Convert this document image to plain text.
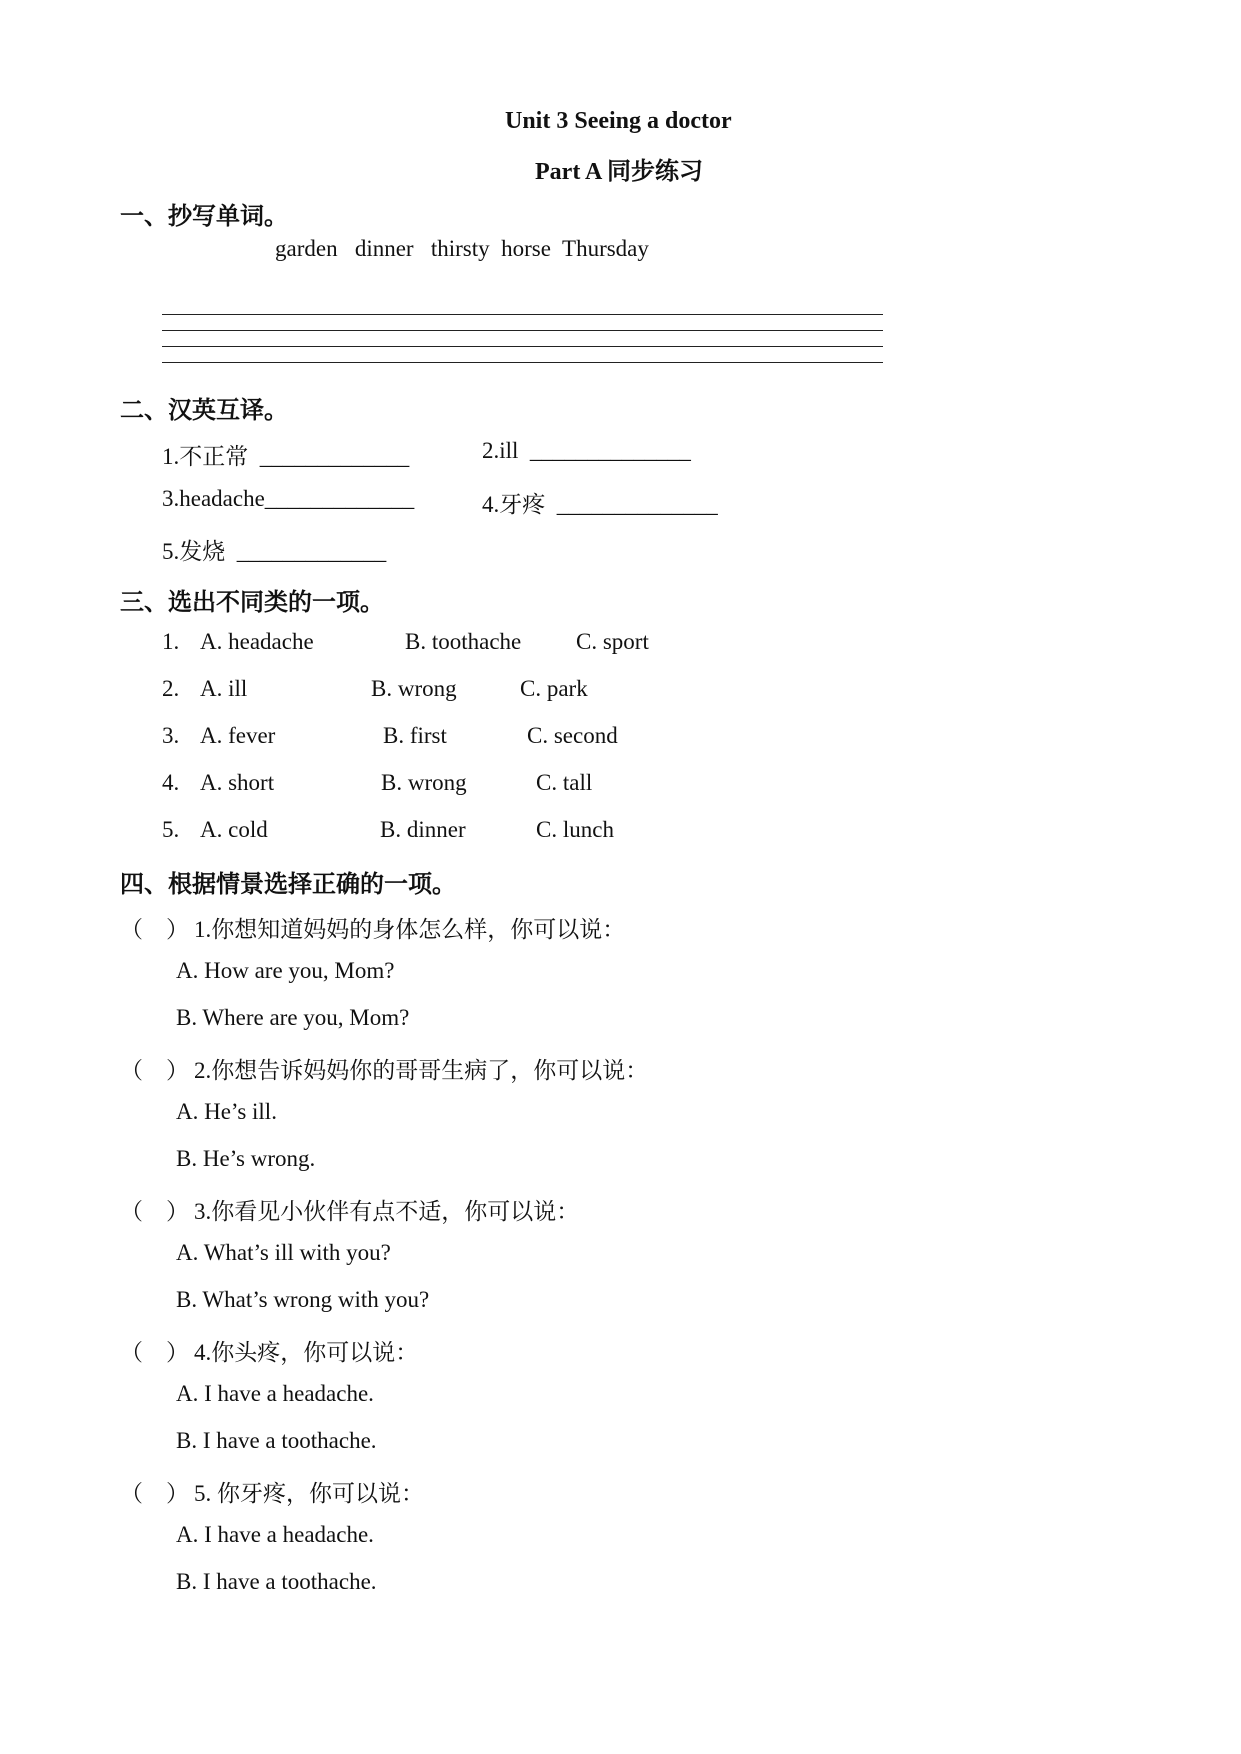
Unit 3 Seeing a doctor
Part A 同步练习
一、抄写单词。
garden   dinner   thirsty  horse  Thursday
二、汉英互译。
1.不正常  _____________	2.ill  ______________
3.headache_____________	4.牙疼  ______________
5.发烧  _____________
三、选出不同类的一项。
1. A. headache	B. toothache C. sport
2. A. ill	B. wrong	C. park
3. A. fever	B. first	C. second
4. A. short	B. wrong	C. tall
5. A. cold	B. dinner	C. lunch
四、根据情景选择正确的一项。
（    ） 1.你想知道妈妈的身体怎么样，你可以说：
A. How are you, Mom?
B. Where are you, Mom?
（    ） 2.你想告诉妈妈你的哥哥生病了，你可以说：
A. He’s ill.
B. He’s wrong.
（    ） 3.你看见小伙伴有点不适，你可以说：
A. What’s ill with you?
B. What’s wrong with you?
（    ） 4.你头疼，你可以说：
A. I have a headache.
B. I have a toothache.
（    ） 5. 你牙疼，你可以说：
A. I have a headache.
B. I have a toothache.
